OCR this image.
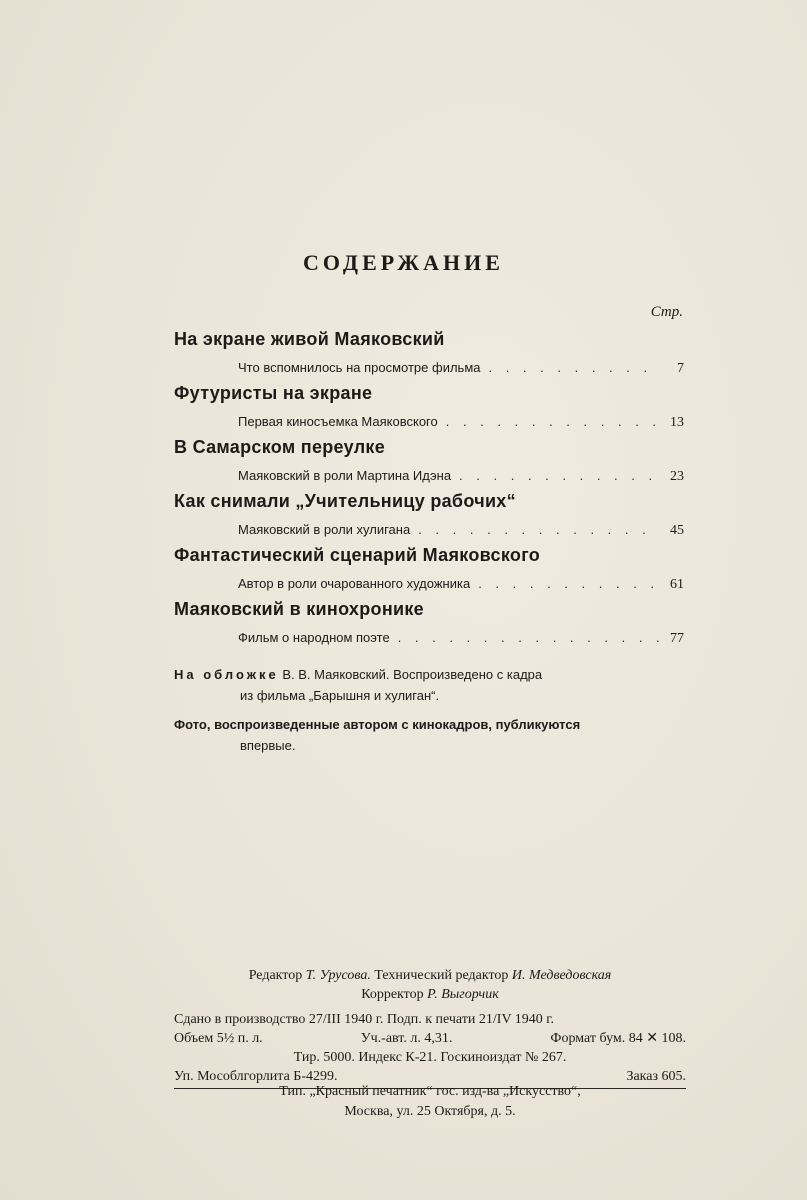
СОДЕРЖАНИЕ
Стр.
На экране живой Маяковский
Что вспомнилось на просмотре фильма . . .	7
Футуристы на экране
Первая киносъемка Маяковского . . .	13
В Самарском переулке
Маяковский в роли Мартина Идэна . . .	23
Как снимали „Учительницу рабочих“
Маяковский в роли хулигана . . .	45
Фантастический сценарий Маяковского
Автор в роли очарованного художника . . .	61
Маяковский в кинохронике
Фильм о народном поэте . . .	77
На обложке В. В. Маяковский. Воспроизведено с кадра
из фильма „Барышня и хулиган“.
Фото, воспроизведенные автором с кинокадров, публикуются
впервые.
Редактор Т. Урусова. Технический редактор И. Медведовская
Корректор Р. Выгорчик
Сдано в производство 27/III 1940 г. Подп. к печати 21/IV 1940 г.
Объем 5½ п. л.	Уч.-авт. л. 4,31.	Формат бум. 84 ✕ 108.
Тир. 5000. Индекс К-21. Госкиноиздат № 267.
Уп. Мособлгорлита Б-4299.	Заказ 605.
Тип. „Красный печатник“ гос. изд-ва „Искусство“,
Москва, ул. 25 Октября, д. 5.
